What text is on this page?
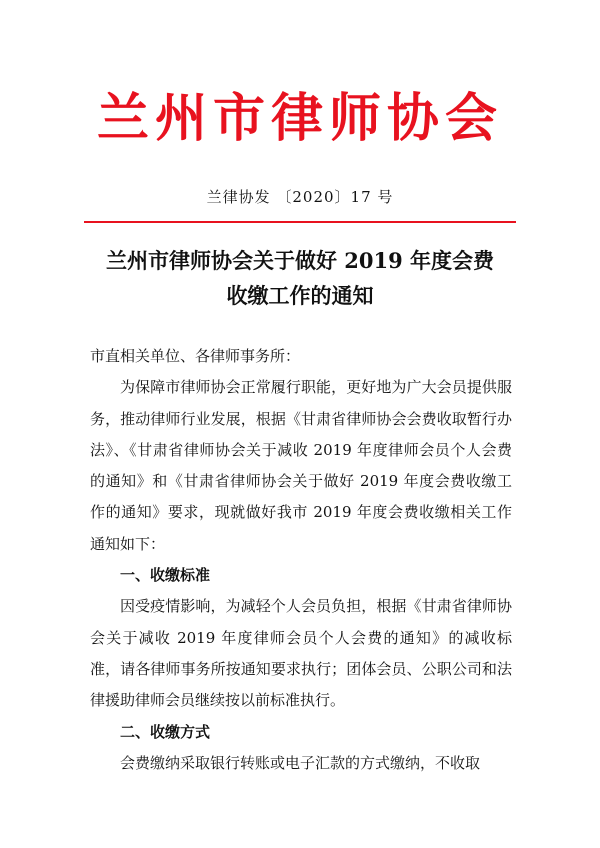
兰州市律师协会
兰律协发 〔2020〕17 号
兰州市律师协会关于做好 2019 年度会费
收缴工作的通知

市直相关单位、各律师事务所：

为保障市律师协会正常履行职能，更好地为广大会员提供服务，推动律师行业发展，根据《甘肃省律师协会会费收取暂行办法》、《甘肃省律师协会关于减收 2019 年度律师会员个人会费的通知》和《甘肃省律师协会关于做好 2019 年度会费收缴工作的通知》要求，现就做好我市 2019 年度会费收缴相关工作通知如下：

一、收缴标准

因受疫情影响，为减轻个人会员负担，根据《甘肃省律师协会关于减收 2019 年度律师会员个人会费的通知》的减收标准，请各律师事务所按通知要求执行；团体会员、公职公司和法律援助律师会员继续按以前标准执行。

二、收缴方式

会费缴纳采取银行转账或电子汇款的方式缴纳，不收取
